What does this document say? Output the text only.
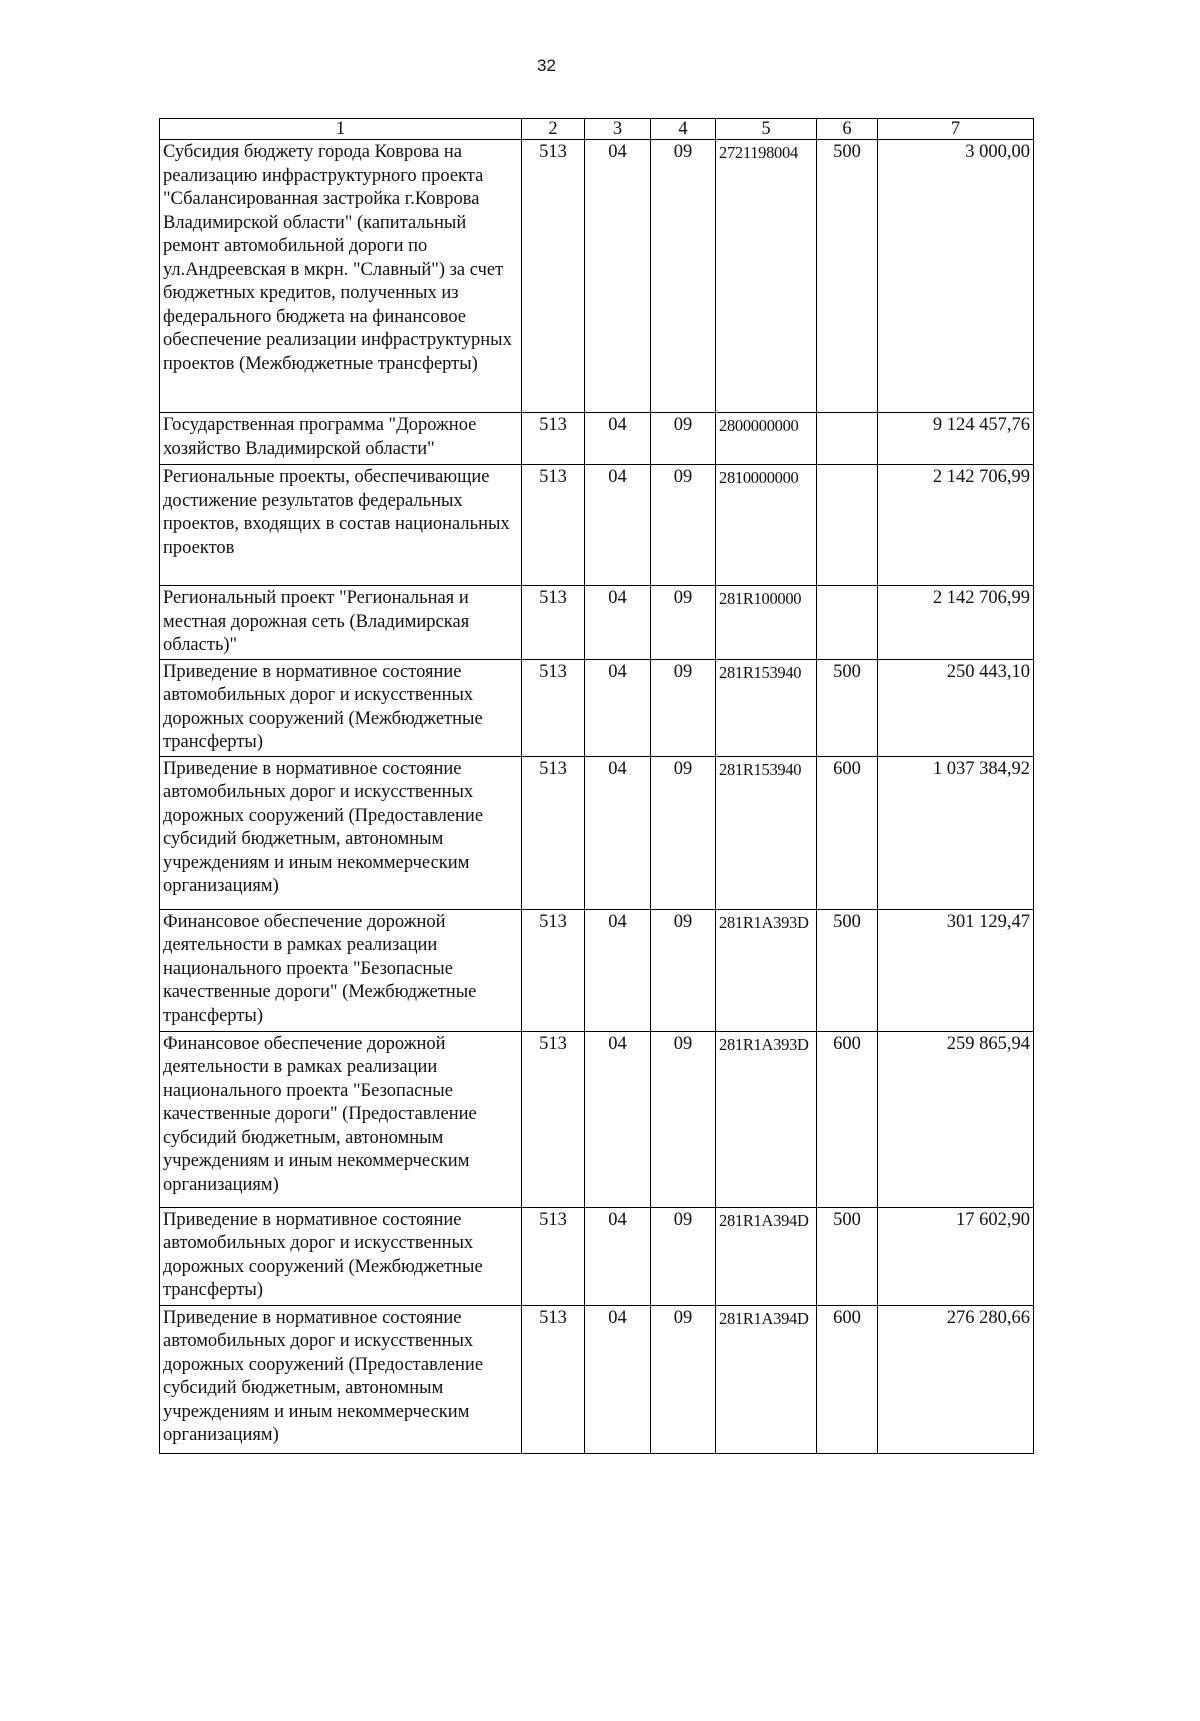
32
1	2	3	4	5	6	7
Субсидия бюджету города Коврова на реализацию инфраструктурного проекта "Сбалансированная застройка г.Коврова Владимирской области" (капитальный ремонт автомобильной дороги по ул.Андреевская в мкрн. "Славный") за счет бюджетных кредитов, полученных из федерального бюджета на финансовое обеспечение реализации инфраструктурных проектов (Межбюджетные трансферты)	513	04	09	2721198004	500	3 000,00
Государственная программа "Дорожное хозяйство Владимирской области"	513	04	09	2800000000		9 124 457,76
Региональные проекты, обеспечивающие достижение результатов федеральных проектов, входящих в состав национальных проектов	513	04	09	2810000000		2 142 706,99
Региональный проект "Региональная и местная дорожная сеть (Владимирская область)"	513	04	09	281R100000		2 142 706,99
Приведение в нормативное состояние автомобильных дорог и искусственных дорожных сооружений (Межбюджетные трансферты)	513	04	09	281R153940	500	250 443,10
Приведение в нормативное состояние автомобильных дорог и искусственных дорожных сооружений (Предоставление субсидий бюджетным, автономным учреждениям и иным некоммерческим организациям)	513	04	09	281R153940	600	1 037 384,92
Финансовое обеспечение дорожной деятельности в рамках реализации национального проекта "Безопасные качественные дороги" (Межбюджетные трансферты)	513	04	09	281R1A393D	500	301 129,47
Финансовое обеспечение дорожной деятельности в рамках реализации национального проекта "Безопасные качественные дороги" (Предоставление субсидий бюджетным, автономным учреждениям и иным некоммерческим организациям)	513	04	09	281R1A393D	600	259 865,94
Приведение в нормативное состояние автомобильных дорог и искусственных дорожных сооружений (Межбюджетные трансферты)	513	04	09	281R1A394D	500	17 602,90
Приведение в нормативное состояние автомобильных дорог и искусственных дорожных сооружений (Предоставление субсидий бюджетным, автономным учреждениям и иным некоммерческим организациям)	513	04	09	281R1A394D	600	276 280,66
